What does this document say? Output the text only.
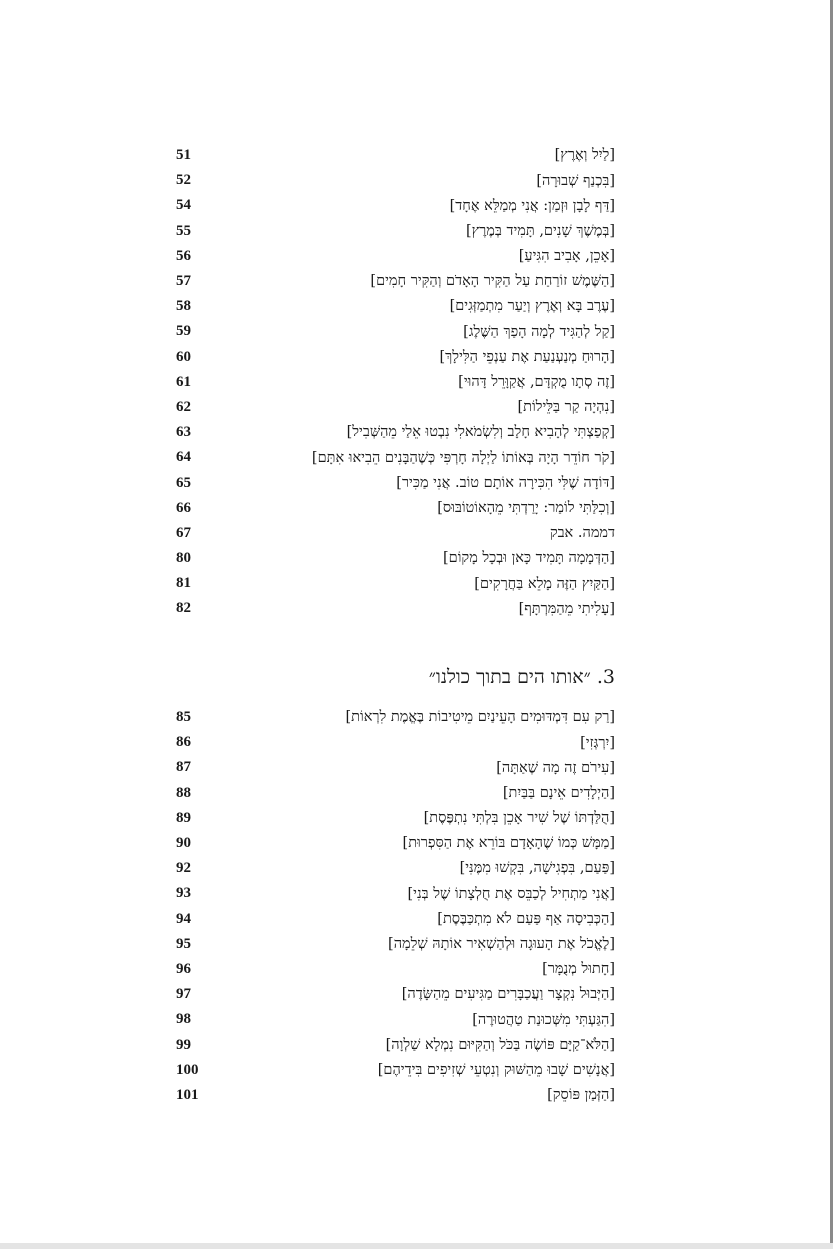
51	[לַיִל וְאֶרֶץ]
52	[בִּכְנַף שְׁבוּרָה]
54	[דַּף לָבָן וּזְמַן: אֲנִי מְמַלֵּא אֶחָד]
55	[בְּמֶשֶׁךְ שָׁנִים, תָּמִיד בְּמֶרֶץ]
56	[אָכֵן, אָבִיב הִגִּיעַ]
57	[הַשֶּׁמֶשׁ זוֹרַחַת עַל הַקִּיר הָאָדֹם וְהַקִּיר חָמִים]
58	[עֶרֶב בָּא וְאֶרֶץ וְיַעַר מִתְמַזְּגִים]
59	[קַל לְהַגִּיד לְמָה הָפַךְ הַשֶּׁלֶג]
60	[הָרוּחַ מְנַעְנַעַת אֶת עַנְפֵי הַלִּילָךְ]
61	[זֶה סְתָו מֻקְדָּם, אֲקַוָּרֵל דָּהוּי]
62	[נִהְיָה קַר בַּלֵּילוֹת]
63	[קְפַצְתִּי לְהָבִיא חָלָב וְלִשְׂמֹאלִי נִבְטוּ אֵלַי מֵהַשְּׁבִיל]
64	[קֹר חוֹדֵר הָיָה בְּאוֹתוֹ לַיְלָה חָרְפִּי כְּשֶׁהַבָּנִים הֵבִיאוּ אִתָּם]
65	[דּוֹדָה שֶׁלִּי הִכִּירָה אוֹתָם טוֹב. אֲנִי מַכִּיר]
66	[וְכִלַּתִּי לוֹמַר: יָרַדְתִּי מֵהָאוֹטוֹבּוּס]
67	דממה. אבק
80	[הַדְּמָמָה תָּמִיד כָּאן וּבְכָל מָקוֹם]
81	[הַקַּיִץ הַזֶּה מָלֵא בַּחֲרָקִים]
82	[עָלִיתִי מֵהַמִּרְתָּף]
3. ״אותו הים בתוך כולנו״
85	[רַק עִם דִּמְדּוּמִים הָעֵינַיִם מֵיטִיבוֹת בֶּאֱמֶת לִרְאוֹת]
86	[יִרְגְּזִי]
87	[עִירֹם זֶה מָה שֶׁאַתָּה]
88	[הַיְלָדִים אֵינָם בַּבַּיִת]
89	[הֻלַּדְתּוֹ שֶׁל שִׁיר אָכֵן בִּלְתִּי נִתְפֶּסֶת]
90	[מַמָּשׁ כְּמוֹ שֶׁהָאָדָם בּוֹרֵא אֶת הַסִּפְרוּת]
92	[פַּעַם, בִּפְגִישָׁה, בִּקְשׁוּ מִמֶּנִּי]
93	[אֲנִי מַתְחִיל לְכַבֵּס אֶת חֻלְצָתוֹ שֶׁל בְּנִי]
94	[הַכְּבִיסָה אַף פַּעַם לֹא מִתְכַּבֶּסֶת]
95	[לֶאֱכֹל אֶת הָעוּגָה וּלְהַשְׁאִיר אוֹתָהּ שְׁלֵמָה]
96	[חָתוּל מְנֻמָּר]
97	[הַיְּבוּל נִקְצָר וַעֲכַבָּרִים מַגִּיעִים מֵהַשָּׂדֶה]
98	[הִגַּעְתִּי מִשְּׁכוּנַת טַהֲטוּרֶה]
99	[הַלֹּא־קַיָּם פּוֹשֶׂה בַּכֹּל וְהַקִּיּוּם נִמְלָא שַׁלְוָה]
100	[אֲנָשִׁים שָׁבוּ מֵהַשּׁוּק וְנִטְעֵי שְׁזִיפִים בִּידֵיהֶם]
101	[הַזְּמַן פּוֹסֵק]
